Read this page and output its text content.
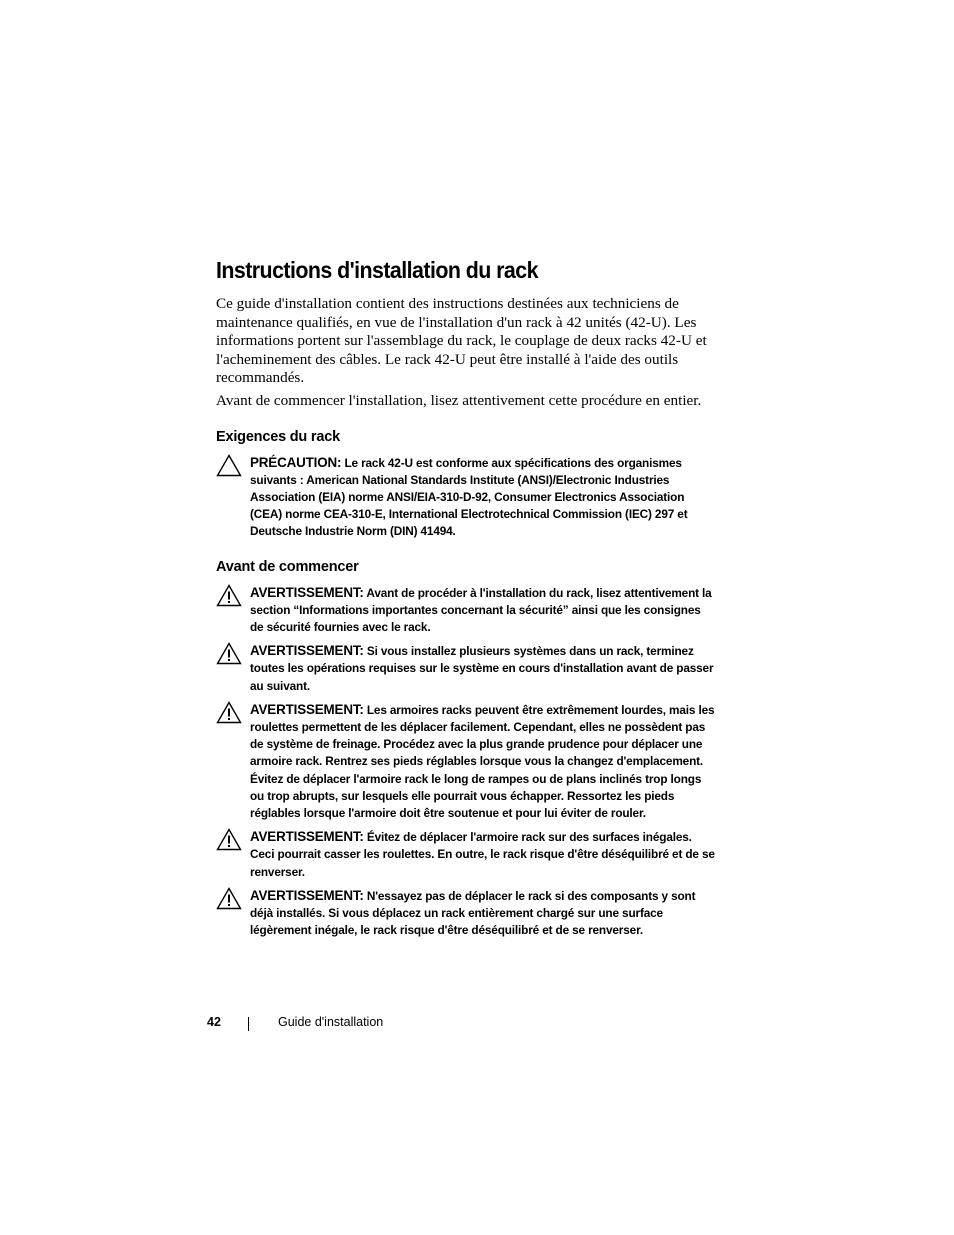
Instructions d'installation du rack

Ce guide d'installation contient des instructions destinées aux techniciens de maintenance qualifiés, en vue de l'installation d'un rack à 42 unités (42-U). Les informations portent sur l'assemblage du rack, le couplage de deux racks 42-U et l'acheminement des câbles. Le rack 42-U peut être installé à l'aide des outils recommandés.

Avant de commencer l'installation, lisez attentivement cette procédure en entier.

Exigences du rack
PRÉCAUTION: Le rack 42-U est conforme aux spécifications des organismes suivants : American National Standards Institute (ANSI)/Electronic Industries Association (EIA) norme ANSI/EIA-310-D-92, Consumer Electronics Association (CEA) norme CEA-310-E, International Electrotechnical Commission (IEC) 297 et Deutsche Industrie Norm (DIN) 41494.
Avant de commencer
AVERTISSEMENT: Avant de procéder à l'installation du rack, lisez attentivement la section “Informations importantes concernant la sécurité” ainsi que les consignes de sécurité fournies avec le rack.
AVERTISSEMENT: Si vous installez plusieurs systèmes dans un rack, terminez toutes les opérations requises sur le système en cours d'installation avant de passer au suivant.
AVERTISSEMENT: Les armoires racks peuvent être extrêmement lourdes, mais les roulettes permettent de les déplacer facilement. Cependant, elles ne possèdent pas de système de freinage. Procédez avec la plus grande prudence pour déplacer une armoire rack. Rentrez ses pieds réglables lorsque vous la changez d'emplacement. Évitez de déplacer l'armoire rack le long de rampes ou de plans inclinés trop longs ou trop abrupts, sur lesquels elle pourrait vous échapper. Ressortez les pieds réglables lorsque l'armoire doit être soutenue et pour lui éviter de rouler.
AVERTISSEMENT: Évitez de déplacer l'armoire rack sur des surfaces inégales. Ceci pourrait casser les roulettes. En outre, le rack risque d'être déséquilibré et de se renverser.
AVERTISSEMENT: N'essayez pas de déplacer le rack si des composants y sont déjà installés. Si vous déplacez un rack entièrement chargé sur une surface légèrement inégale, le rack risque d'être déséquilibré et de se renverser.
42	Guide d'installation
